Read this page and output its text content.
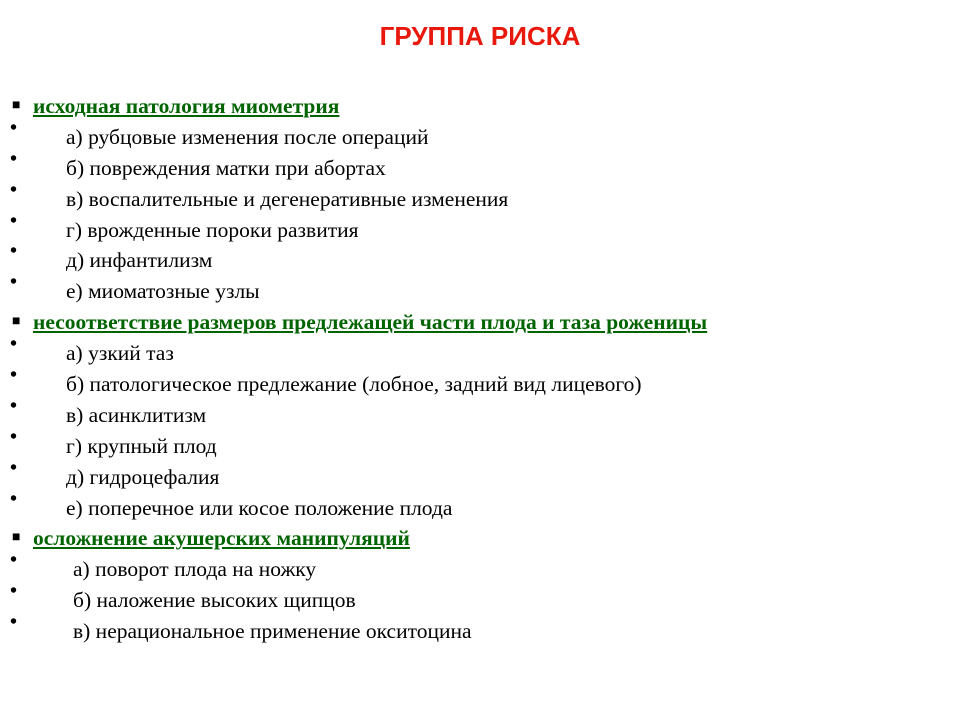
ГРУППА РИСКА
■ исходная патология миометрия
• а) рубцовые изменения после операций
• б) повреждения матки при абортах
• в) воспалительные и дегенеративные изменения
• г) врожденные пороки развития
• д) инфантилизм
• е) миоматозные узлы
■ несоответствие размеров предлежащей части плода и таза роженицы
• а) узкий таз
• б) патологическое предлежание (лобное, задний вид лицевого)
• в) асинклитизм
• г) крупный плод
• д) гидроцефалия
• е) поперечное или косое положение плода
■ осложнение акушерских манипуляций
•	а) поворот плода на ножку
•	б) наложение высоких щипцов
•	в) нерациональное применение окситоцина
